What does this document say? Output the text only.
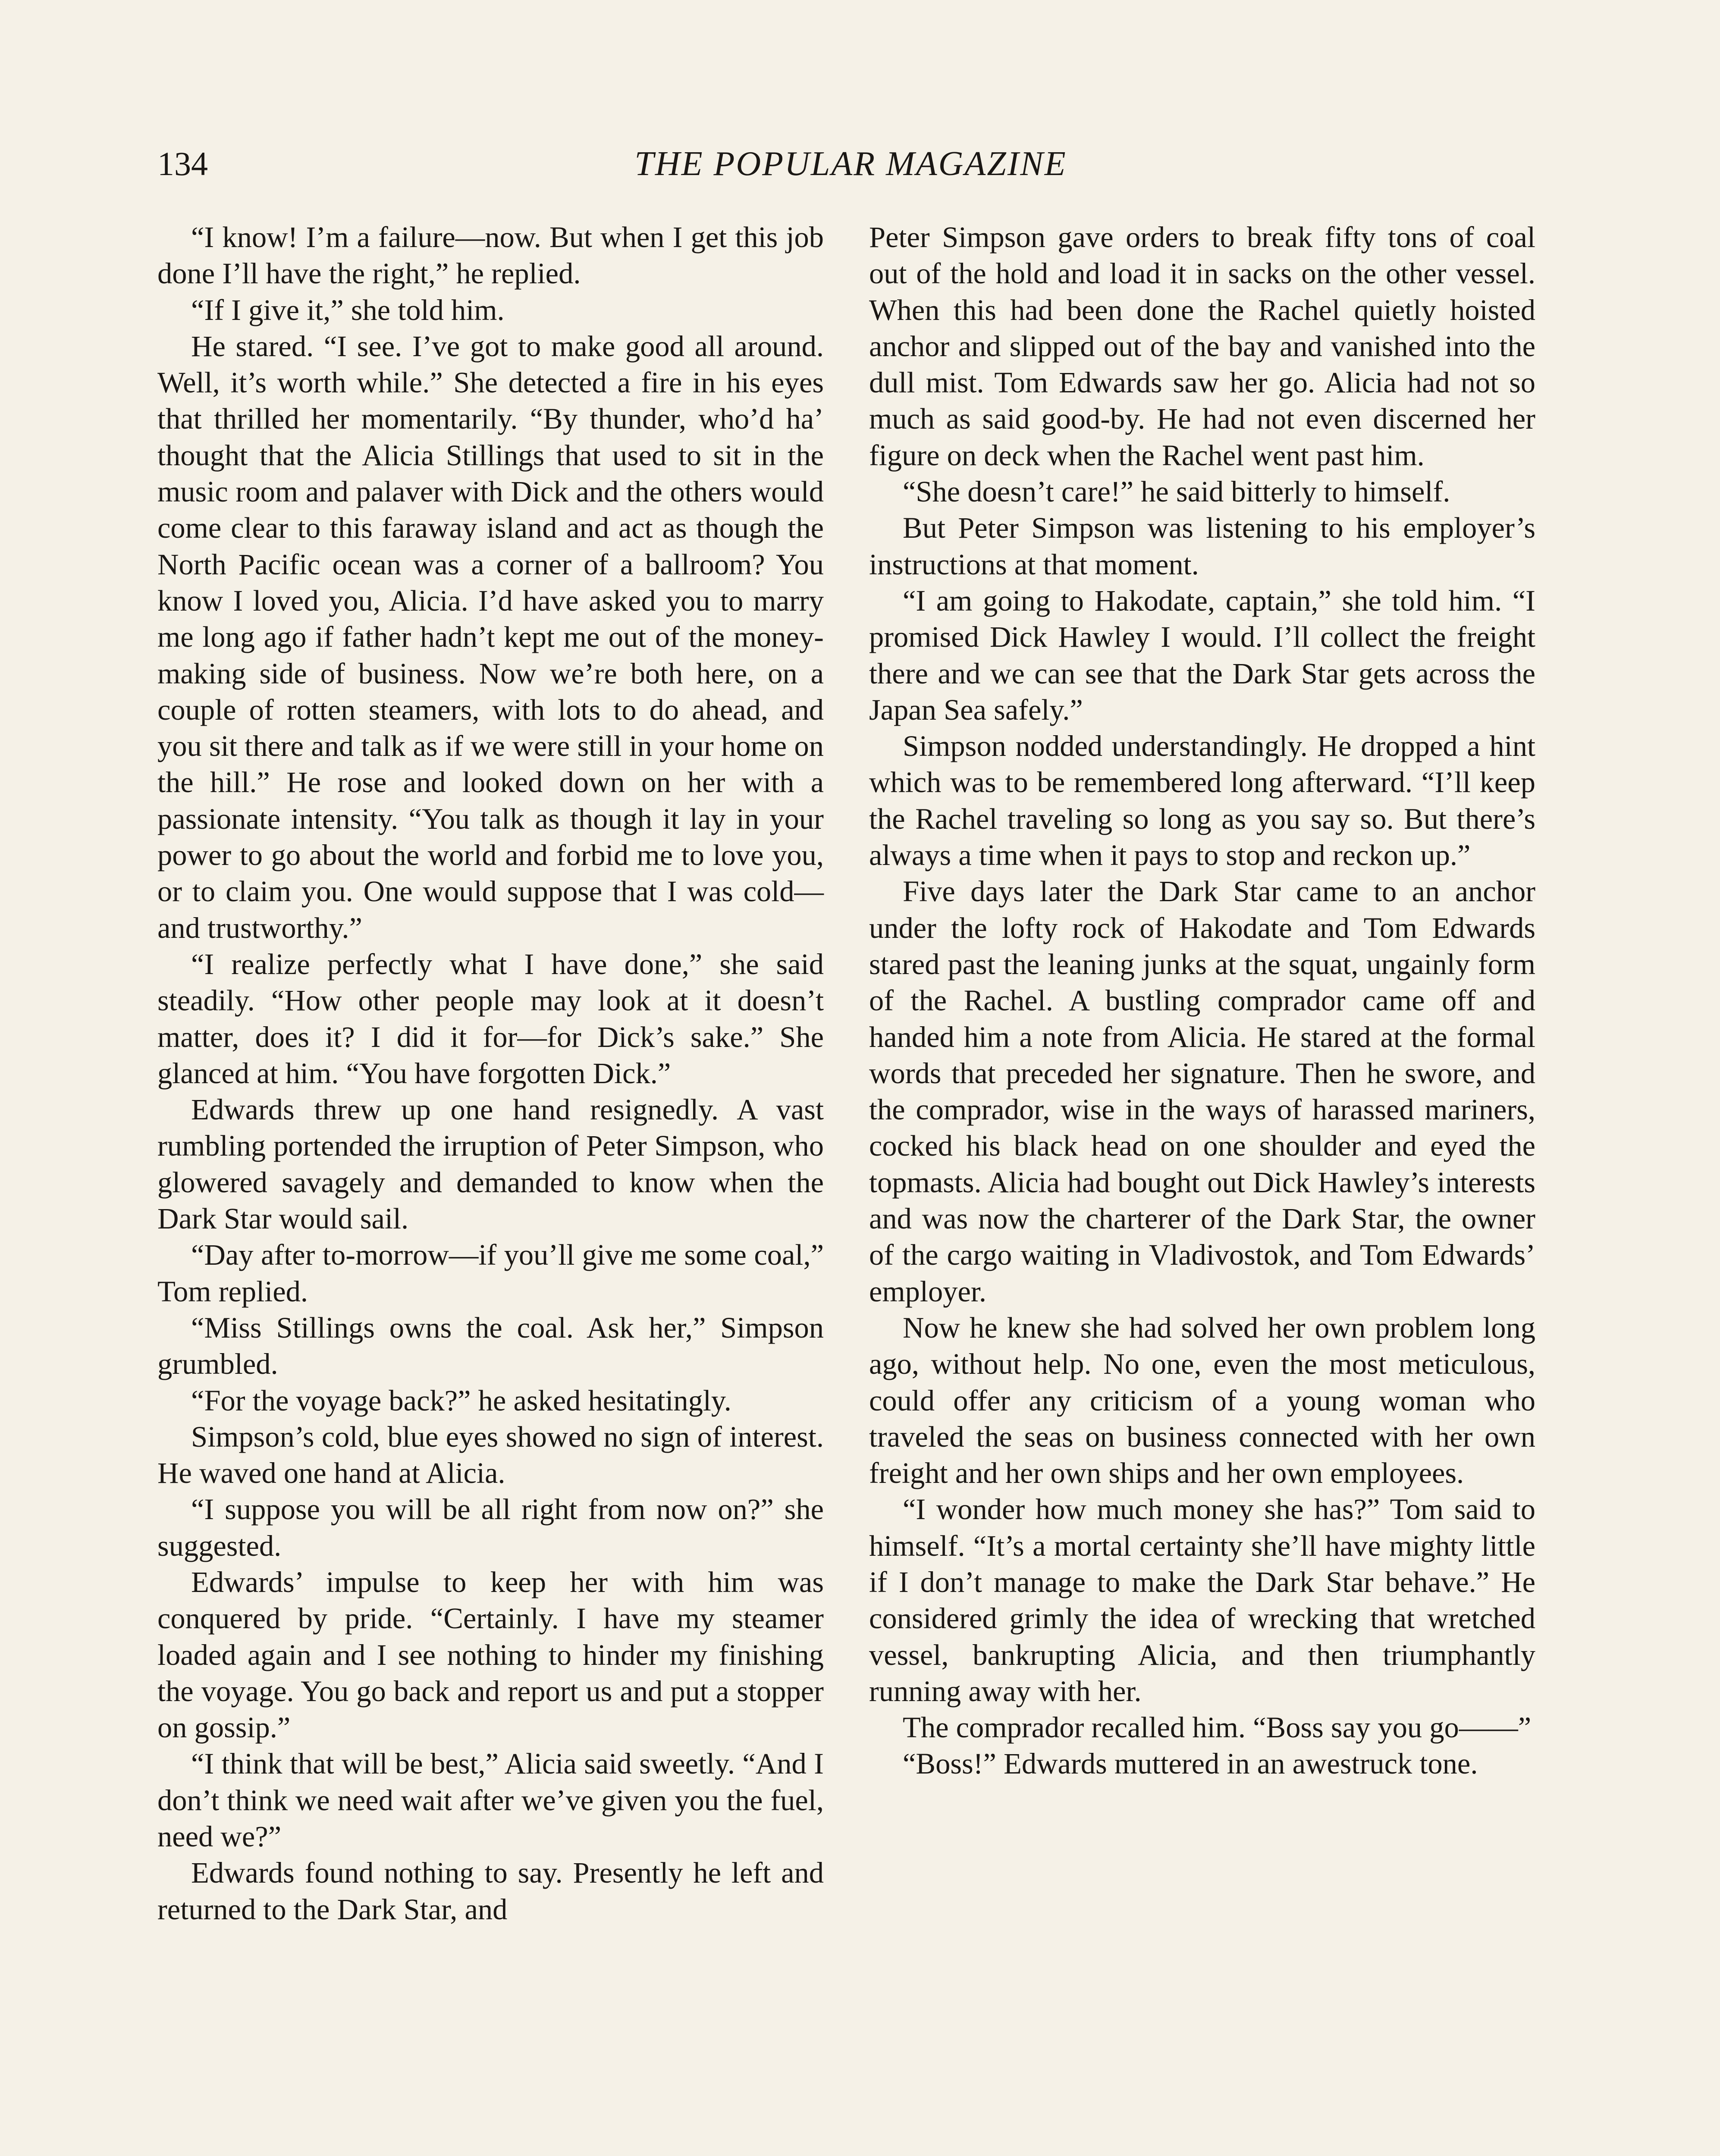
134	THE POPULAR MAGAZINE

“I know! I’m a failure—now. But when I get this job done I’ll have the right,” he replied.

“If I give it,” she told him.

He stared. “I see. I’ve got to make good all around. Well, it’s worth while.” She detected a fire in his eyes that thrilled her momentarily. “By thunder, who’d ha’ thought that the Alicia Stillings that used to sit in the music room and palaver with Dick and the others would come clear to this faraway island and act as though the North Pacific ocean was a corner of a ballroom? You know I loved you, Alicia. I’d have asked you to marry me long ago if father hadn’t kept me out of the money-making side of business. Now we’re both here, on a couple of rotten steamers, with lots to do ahead, and you sit there and talk as if we were still in your home on the hill.” He rose and looked down on her with a passionate intensity. “You talk as though it lay in your power to go about the world and forbid me to love you, or to claim you. One would suppose that I was cold—and trustworthy.”

“I realize perfectly what I have done,” she said steadily. “How other people may look at it doesn’t matter, does it? I did it for—for Dick’s sake.” She glanced at him. “You have forgotten Dick.”

Edwards threw up one hand resignedly. A vast rumbling portended the irruption of Peter Simpson, who glowered savagely and demanded to know when the Dark Star would sail.

“Day after to-morrow—if you’ll give me some coal,” Tom replied.

“Miss Stillings owns the coal. Ask her,” Simpson grumbled.

“For the voyage back?” he asked hesitatingly.

Simpson’s cold, blue eyes showed no sign of interest. He waved one hand at Alicia.

“I suppose you will be all right from now on?” she suggested.

Edwards’ impulse to keep her with him was conquered by pride. “Certainly. I have my steamer loaded again and I see nothing to hinder my finishing the voyage. You go back and report us and put a stopper on gossip.”

“I think that will be best,” Alicia said sweetly. “And I don’t think we need wait after we’ve given you the fuel, need we?”

Edwards found nothing to say. Presently he left and returned to the Dark Star, and

Peter Simpson gave orders to break fifty tons of coal out of the hold and load it in sacks on the other vessel. When this had been done the Rachel quietly hoisted anchor and slipped out of the bay and vanished into the dull mist. Tom Edwards saw her go. Alicia had not so much as said good-by. He had not even discerned her figure on deck when the Rachel went past him.

“She doesn’t care!” he said bitterly to himself.

But Peter Simpson was listening to his employer’s instructions at that moment.

“I am going to Hakodate, captain,” she told him. “I promised Dick Hawley I would. I’ll collect the freight there and we can see that the Dark Star gets across the Japan Sea safely.”

Simpson nodded understandingly. He dropped a hint which was to be remembered long afterward. “I’ll keep the Rachel traveling so long as you say so. But there’s always a time when it pays to stop and reckon up.”

Five days later the Dark Star came to an anchor under the lofty rock of Hakodate and Tom Edwards stared past the leaning junks at the squat, ungainly form of the Rachel. A bustling comprador came off and handed him a note from Alicia. He stared at the formal words that preceded her signature. Then he swore, and the comprador, wise in the ways of harassed mariners, cocked his black head on one shoulder and eyed the topmasts. Alicia had bought out Dick Hawley’s interests and was now the charterer of the Dark Star, the owner of the cargo waiting in Vladivostok, and Tom Edwards’ employer.

Now he knew she had solved her own problem long ago, without help. No one, even the most meticulous, could offer any criticism of a young woman who traveled the seas on business connected with her own freight and her own ships and her own employees.

“I wonder how much money she has?” Tom said to himself. “It’s a mortal certainty she’ll have mighty little if I don’t manage to make the Dark Star behave.” He considered grimly the idea of wrecking that wretched vessel, bankrupting Alicia, and then triumphantly running away with her.

The comprador recalled him. “Boss say you go——”

“Boss!” Edwards muttered in an awestruck tone.
